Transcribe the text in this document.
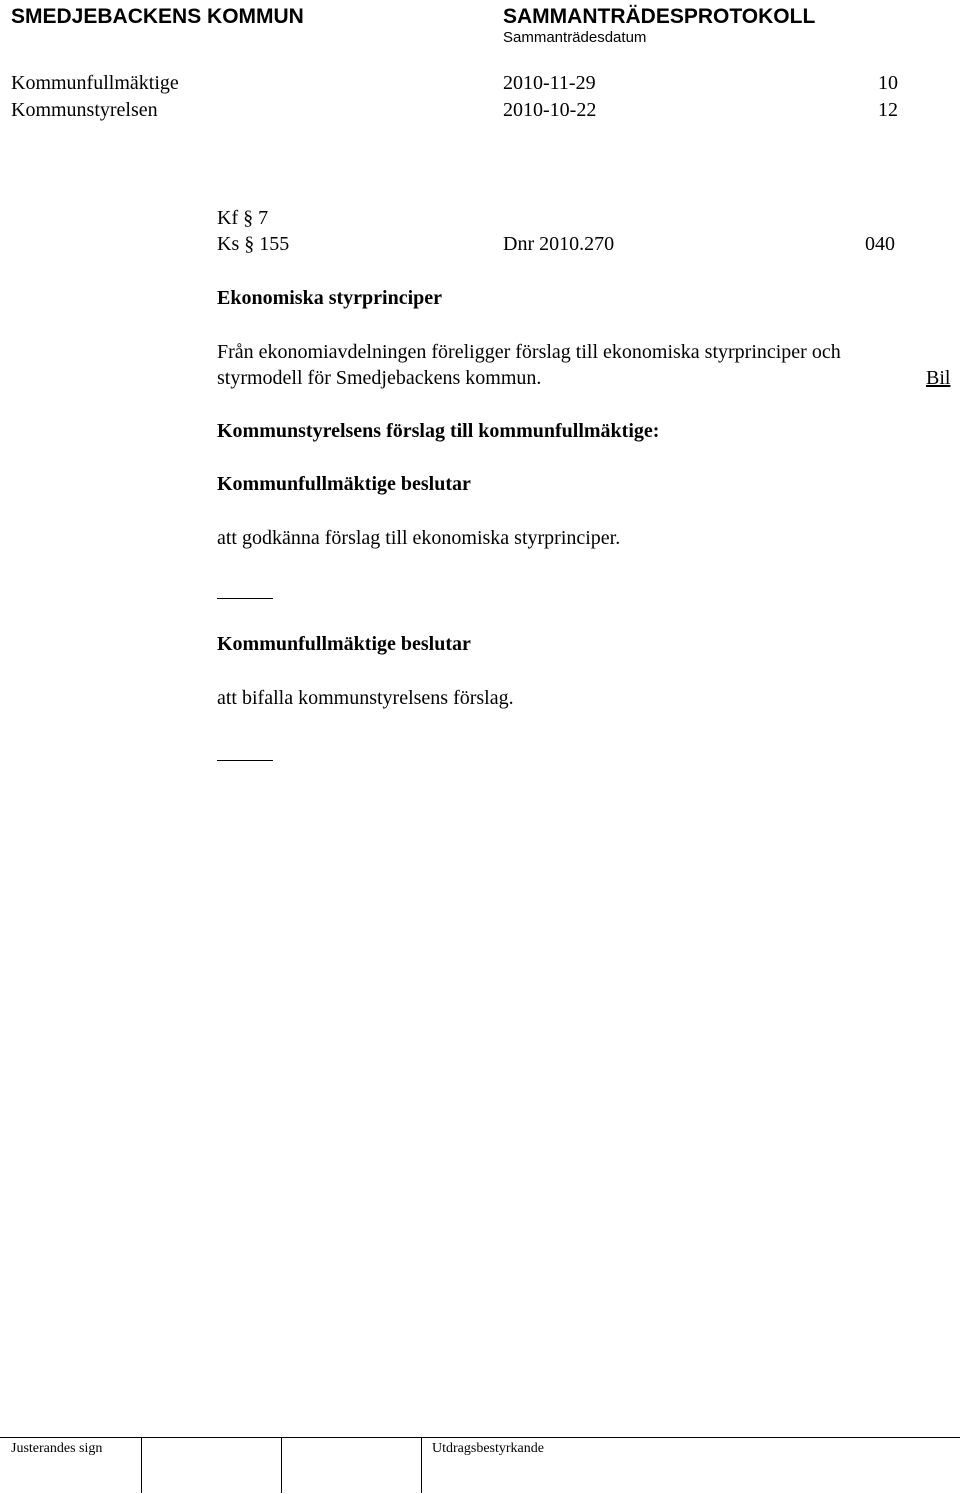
SMEDJEBACKENS KOMMUN	SAMMANTRÄDESPROTOKOLL
Sammanträdesdatum
Kommunfullmäktige	2010-11-29	10
Kommunstyrelsen	2010-10-22	12
Kf § 7
Ks § 155	Dnr 2010.270	040
Ekonomiska styrprinciper
Från ekonomiavdelningen föreligger förslag till ekonomiska styrprinciper och
styrmodell för Smedjebackens kommun.	Bil
Kommunstyrelsens förslag till kommunfullmäktige:
Kommunfullmäktige beslutar
att godkänna förslag till ekonomiska styrprinciper.
Kommunfullmäktige beslutar
att bifalla kommunstyrelsens förslag.
Justerandes sign	Utdragsbestyrkande
